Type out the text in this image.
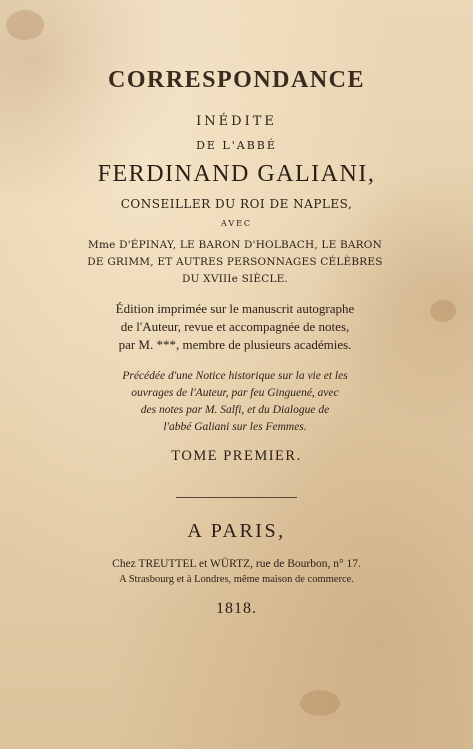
CORRESPONDANCE
INÉDITE
DE L'ABBÉ
FERDINAND GALIANI,
CONSEILLER DU ROI DE NAPLES,
AVEC
Mme D'ÉPINAY, LE BARON D'HOLBACH, LE BARON
DE GRIMM, ET AUTRES PERSONNAGES CÉLÈBRES
DU XVIIIe SIÈCLE.
Édition imprimée sur le manuscrit autographe
de l'Auteur, revue et accompagnée de notes,
par M. ***, membre de plusieurs académies.
Précédée d'une Notice historique sur la vie et les
ouvrages de l'Auteur, par feu Ginguené, avec
des notes par M. Salfi, et du Dialogue de
l'abbé Galiani sur les Femmes.
TOME PREMIER.
A PARIS,
Chez TREUTTEL et WÜRTZ, rue de Bourbon, n° 17.
A Strasbourg et à Londres, même maison de commerce.
1818.
